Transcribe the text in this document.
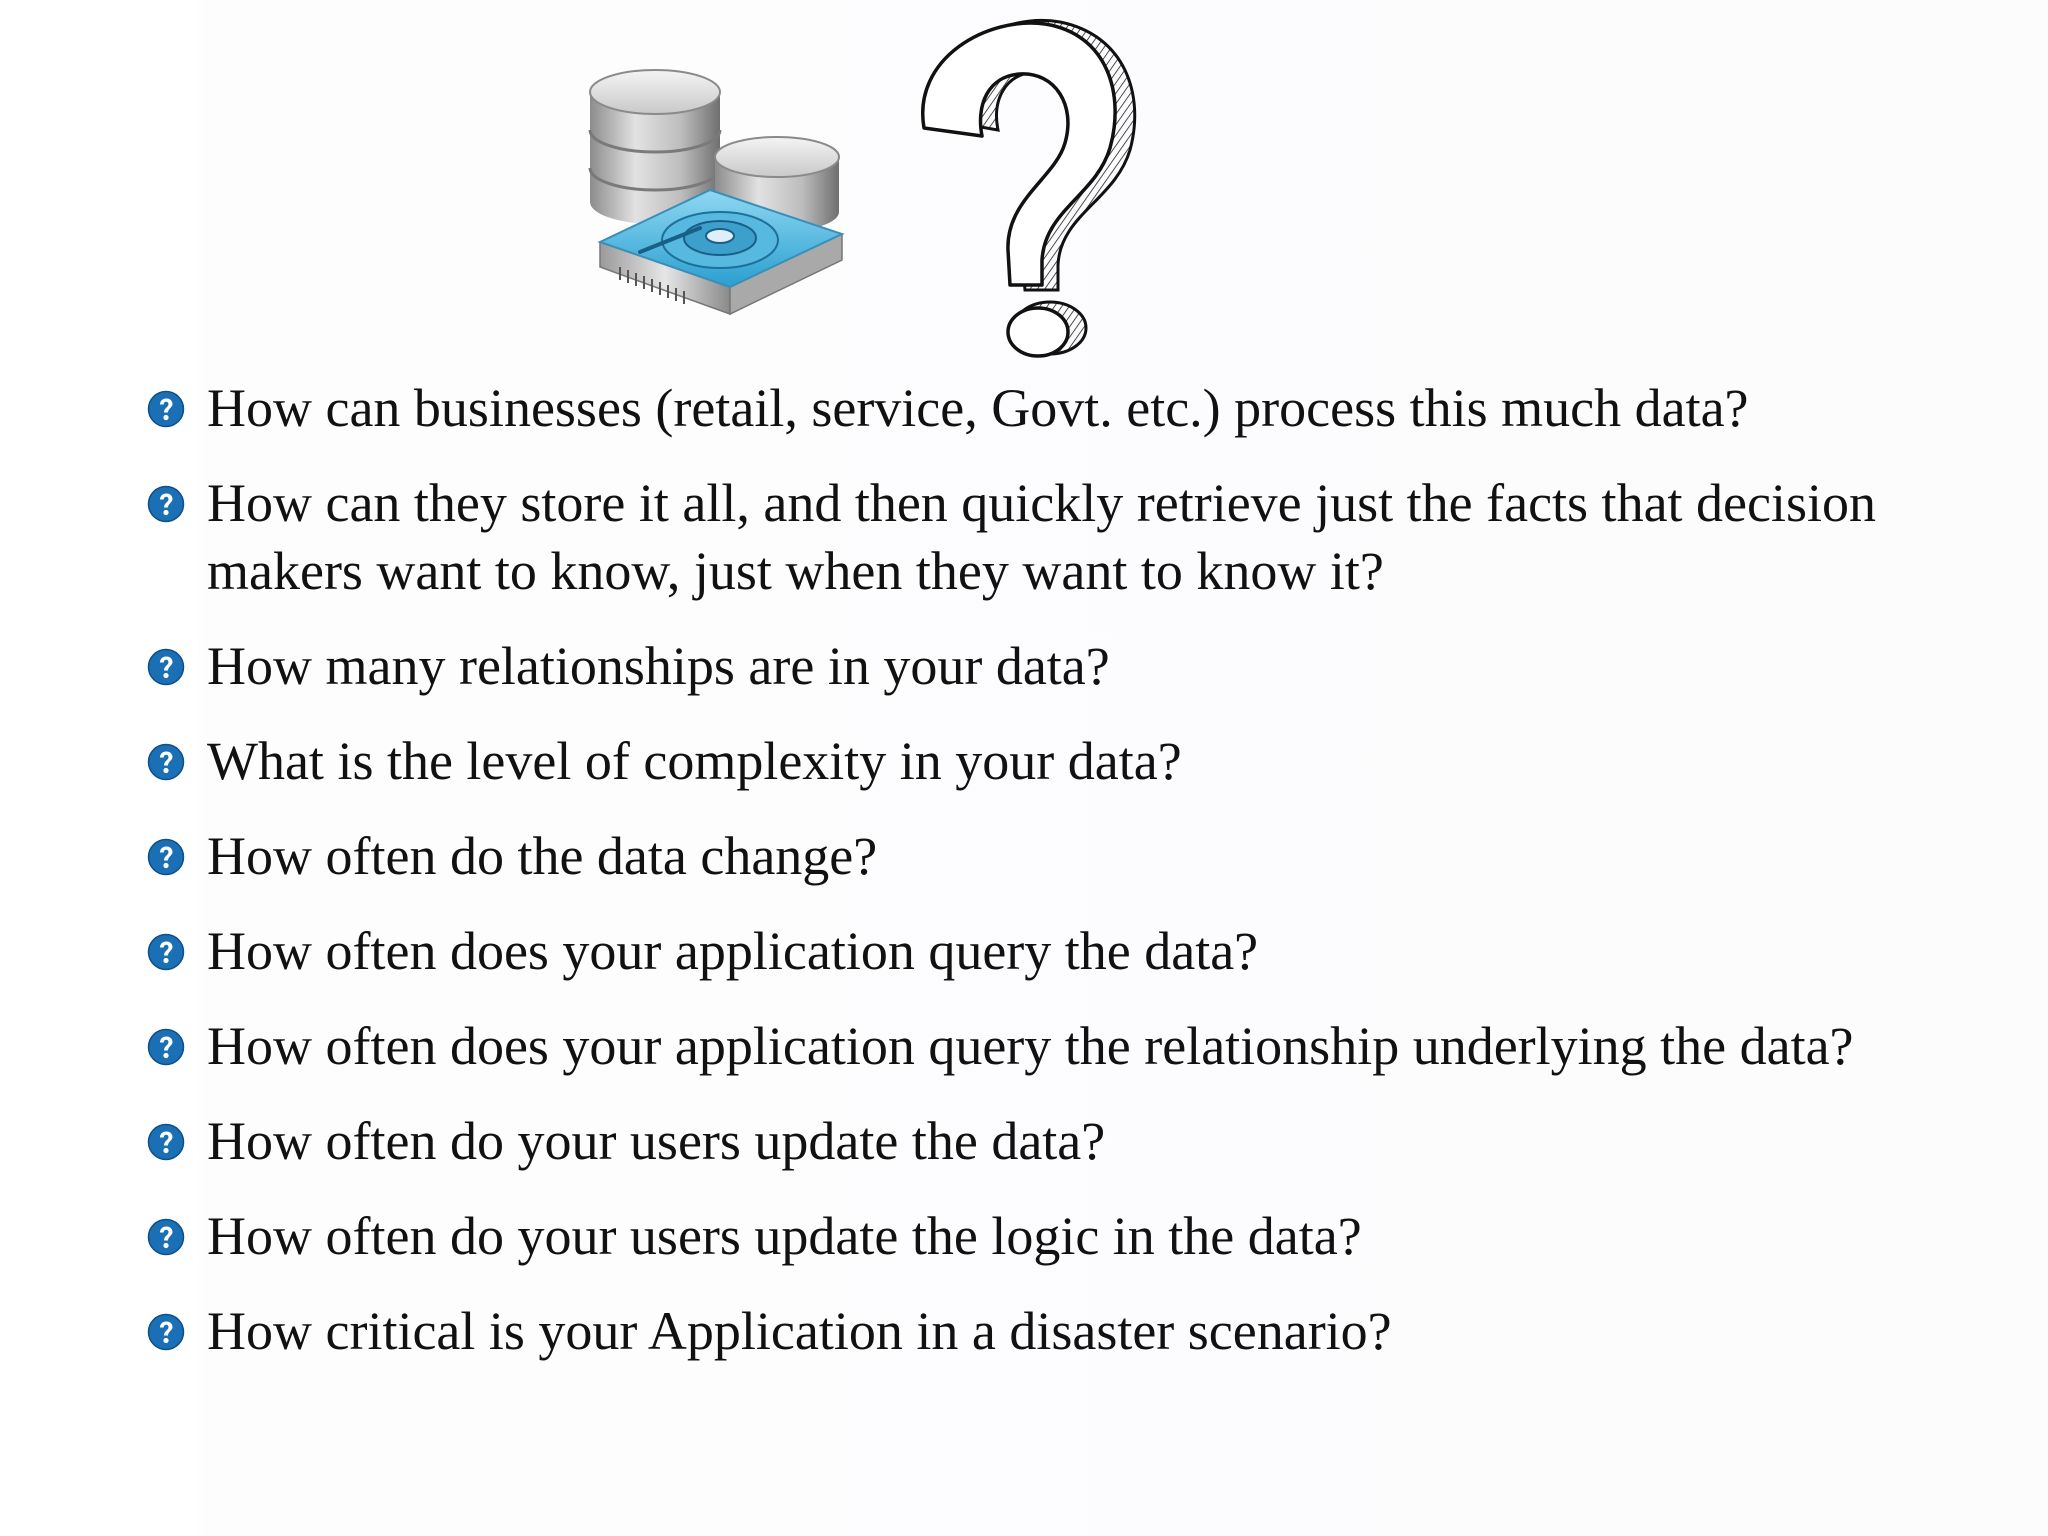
How can businesses (retail, service, Govt. etc.) process this much data?
How can they store it all, and then quickly retrieve just the facts that decision makers want to know, just when they want to know it?
How many relationships are in your data?
What is the level of complexity in your data?
How often do the data change?
How often does your application query the data?
How often does your application query the relationship underlying the data?
How often do your users update the data?
How often do your users update the logic in the data?
How critical is your Application in a disaster scenario?
